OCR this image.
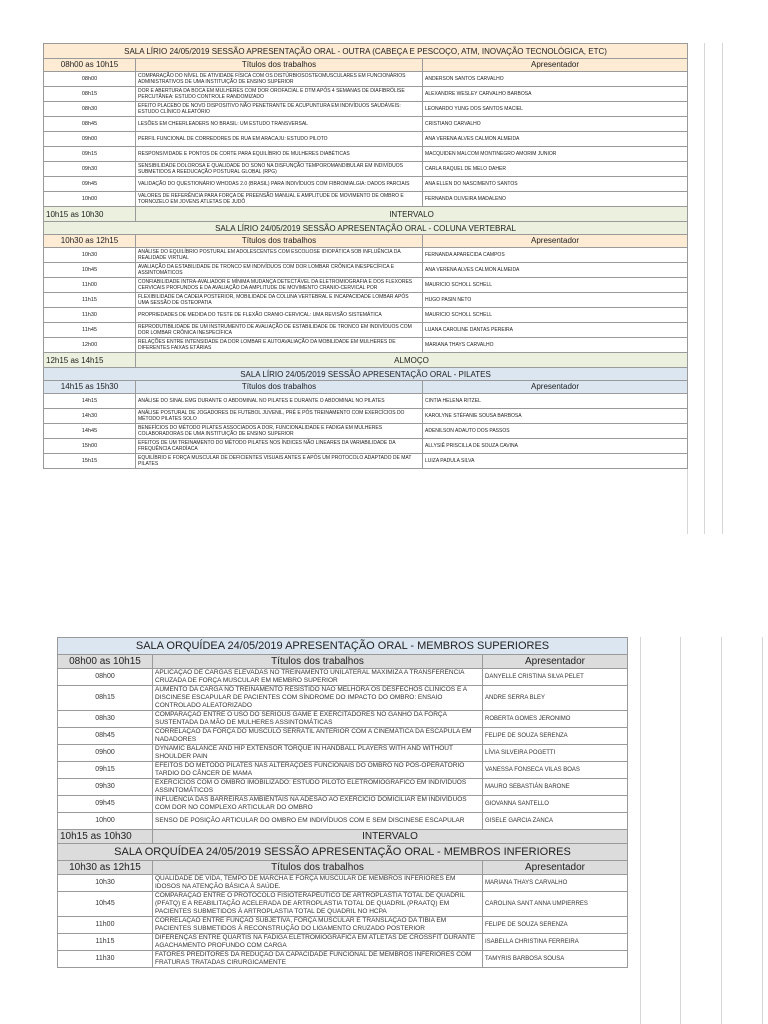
SALA LÍRIO 24/05/2019 SESSÃO APRESENTAÇÃO ORAL - OUTRA (CABEÇA E PESCOÇO, ATM, INOVAÇÃO TECNOLÓGICA, ETC)		
08h00 as 10h15	Títulos dos trabalhos	Apresentador
08h00	COMPARAÇÃO DO NÍVEL DE ATIVIDADE FÍSICA COM OS DISTÚRBIOSOSTEOMUSCULARES EM FUNCIONÁRIOS ADMINISTRATIVOS DE UMA INSTITUIÇÃO DE ENSINO SUPERIOR	ANDERSON SANTOS CARVALHO
08h15	DOR E ABERTURA DA BOCA EM MULHERES COM DOR OROFACIAL E DTM APÓS 4 SEMANAS DE DIAFIBRÓLISE PERCUTÂNEA: ESTUDO CONTROLE RANDOMIZADO	ALEXANDRE WESLEY CARVALHO BARBOSA
08h30	EFEITO PLACEBO DE NOVO DISPOSITIVO NÃO PENETRANTE DE ACUPUNTURA EM INDIVÍDUOS SAUDÁVEIS: ESTUDO CLÍNICO ALEATÓRIO	LEONARDO YUNG DOS SANTOS MACIEL
08h45	LESÕES EM CHEERLEADERS NO BRASIL: UM ESTUDO TRANSVERSAL	CRISTIANO CARVALHO
09h00	PERFIL FUNCIONAL DE CORREDORES DE RUA EM ARACAJU: ESTUDO PILOTO	ANA VERENA ALVES CALMON ALMEIDA
09h15	RESPONSIVIDADE E PONTOS DE CORTE PARA EQUILÍBRIO DE MULHERES DIABÉTICAS	MACQUIDEN MALCOM MONTINEGRO AMORIM JUNIOR
09h30	SENSIBILIDADE DOLOROSA E QUALIDADE DO SONO NA DISFUNÇÃO TEMPOROMANDIBULAR EM INDIVÍDUOS SUBMETIDOS A REEDUCAÇÃO POSTURAL GLOBAL (RPG)	CARLA RAQUEL DE MELO DAHER
09h45	VALIDAÇÃO DO QUESTIONÁRIO WHODAS 2.0 (BRASIL) PARA INDIVÍDUOS COM FIBROMIALGIA: DADOS PARCIAIS	ANA ELLEN DO NASCIMENTO SANTOS
10h00	VALORES DE REFERÊNCIA PARA FORÇA DE PREENSÃO MANUAL E AMPLITUDE DE MOVIMENTO DE OMBRO E TORNOZELO EM JOVENS ATLETAS DE JUDÔ	FERNANDA OLIVEIRA MADALENO
10h15 as 10h30	INTERVALO	
SALA LÍRIO 24/05/2019 SESSÃO APRESENTAÇÃO ORAL - COLUNA VERTEBRAL		
10h30 as 12h15	Títulos dos trabalhos	Apresentador
10h30	ANÁLISE DO EQUILÍBRIO POSTURAL EM ADOLESCENTES COM ESCOLIOSE IDIOPÁTICA SOB INFLUÊNCIA DA REALIDADE VIRTUAL	FERNANDA APARECIDA CAMPOS
10h45	AVALIAÇÃO DA ESTABILIDADE DE TRONCO EM INDIVÍDUOS COM DOR LOMBAR CRÔNICA INESPECÍFICA E ASSINTOMÁTICOS	ANA VERENA ALVES CALMON ALMEIDA
11h00	CONFIABILIDADE INTRA-AVALIADOR E MÍNIMA MUDANÇA DETECTÁVEL DA ELETROMIOGRAFIA E DOS FLEXORES CERVICAIS PROFUNDOS E DA AVALIAÇÃO DA AMPLITUDE DE MOVIMENTO CRANIO-CERVICAL POR	MAURICIO SCHOLL SCHELL
11h15	FLEXIBILIDADE DA CADEIA POSTERIOR, MOBILIDADE DA COLUNA VERTEBRAL E INCAPACIDADE LOMBAR APÓS UMA SESSÃO DE OSTEOPATIA	HUGO PASIN NETO
11h30	PROPRIEDADES DE MEDIDA DO TESTE DE FLEXÃO CRANIO-CERVICAL: UMA REVISÃO SISTEMÁTICA	MAURICIO SCHOLL SCHELL
11h45	REPRODUTIBILIDADE DE UM INSTRUMENTO DE AVALIAÇÃO DE ESTABILIDADE DE TRONCO EM INDIVÍDUOS COM DOR LOMBAR CRÔNICA INESPECÍFICA	LUANA CAROLINE DANTAS PEREIRA
12h00	RELAÇÕES ENTRE INTENSIDADE DA DOR LOMBAR E AUTOAVALIAÇÃO DA MOBILIDADE EM MULHERES DE DIFERENTES FAIXAS ETÁRIAS	MARIANA THAYS CARVALHO
12h15 as 14h15	ALMOÇO	
SALA LÍRIO 24/05/2019 SESSÃO APRESENTAÇÃO ORAL - PILATES		
14h15 as 15h30	Títulos dos trabalhos	Apresentador
14h15	ANÁLISE DO SINAL EMG DURANTE O ABDOMINAL NO PILATES E DURANTE O ABDOMINAL NO PILATES	CINTIA HELENA RITZEL
14h30	ANÁLISE POSTURAL DE JOGADORES DE FUTEBOL JUVENIL, PRÉ E PÓS TREINAMENTO COM EXERCÍCIOS DO MÉTODO PILATES SOLO	KAROLYNE STÉFANIE SOUSA BARBOSA
14h45	BENEFÍCIOS DO MÉTODO PILATES ASSOCIADOS A DOR, FUNCIONALIDADE E FADIGA EM MULHERES COLABORADORAS DE UMA INSTITUIÇÃO DE ENSINO SUPERIOR	ADENILSON ADAUTO DOS PASSOS
15h00	EFEITOS DE UM TREINAMENTO DO MÉTODO PILATES NOS ÍNDICES NÃO LINEARES DA VARIABILIDADE DA FREQUÊNCIA CARDÍACA	ALLYSIÊ PRISCILLA DE SOUZA CAVINA
15h15	EQUILÍBRIO E FORÇA MUSCULAR DE DEFICIENTES VISUAIS ANTES E APÓS UM PROTOCOLO ADAPTADO DE MAT PILATES	LUIZA PADULA SILVA
SALA ORQUÍDEA 24/05/2019 APRESENTAÇÃO ORAL - MEMBROS SUPERIORES		
08h00 as 10h15	Títulos dos trabalhos	Apresentador
08h00	APLICAÇÃO DE CARGAS ELEVADAS NO TREINAMENTO UNILATERAL MAXIMIZA A TRANSFERÊNCIA CRUZADA DE FORÇA MUSCULAR EM MEMBRO SUPERIOR	DANYELLE CRISTINA SILVA PELET
08h15	AUMENTO DA CARGA NO TREINAMENTO RESISTIDO NÃO MELHORA OS DESFECHOS CLÍNICOS E A DISCINESE ESCAPULAR DE PACIENTES COM SÍNDROME DO IMPACTO DO OMBRO: ENSAIO CONTROLADO ALEATORIZADO	ANDRE SERRA BLEY
08h30	COMPARAÇÃO ENTRE O USO DO SERIOUS GAME E EXERCITADORES NO GANHO DA FORÇA SUSTENTADA DA MÃO DE MULHERES ASSINTOMÁTICAS	ROBERTA GOMES JERONIMO
08h45	CORRELAÇÃO DA FORÇA DO MÚSCULO SERRÁTIL ANTERIOR COM A CINEMÁTICA DA ESCÁPULA EM NADADORES	FELIPE DE SOUZA SERENZA
09h00	DYNAMIC BALANCE AND HIP EXTENSOR TORQUE IN HANDBALL PLAYERS WITH AND WITHOUT SHOULDER PAIN	LÍVIA SILVEIRA POGETTI
09h15	EFEITOS DO MÉTODO PILATES NAS ALTERAÇÕES FUNCIONAIS DO OMBRO NO PÓS-OPERATÓRIO TARDIO DO CÂNCER DE MAMA	VANESSA FONSECA VILAS BOAS
09h30	EXERCÍCIOS COM O OMBRO IMOBILIZADO: ESTUDO PILOTO ELETROMIOGRÁFICO EM INDIVÍDUOS ASSINTOMÁTICOS	MAURO SEBASTIÁN BARONE
09h45	INFLUÊNCIA DAS BARREIRAS AMBIENTAIS NA ADESÃO AO EXERCÍCIO DOMICILIAR EM INDIVÍDUOS COM DOR NO COMPLEXO ARTICULAR DO OMBRO	GIOVANNA SANTELLO
10h00	SENSO DE POSIÇÃO ARTICULAR DO OMBRO EM INDIVÍDUOS COM E SEM DISCINESE ESCAPULAR	GISELE GARCIA ZANCA
10h15 as 10h30	INTERVALO	
SALA ORQUÍDEA 24/05/2019 SESSÃO APRESENTAÇÃO ORAL - MEMBROS INFERIORES		
10h30 as 12h15	Títulos dos trabalhos	Apresentador
10h30	QUALIDADE DE VIDA, TEMPO DE MARCHA E FORÇA MUSCULAR DE MEMBROS INFERIORES EM IDOSOS NA ATENÇÃO BÁSICA À SAÚDE.	MARIANA THAYS CARVALHO
10h45	COMPARAÇÃO ENTRE O PROTOCOLO FISIOTERAPÊUTICO DE ARTROPLASTIA TOTAL DE QUADRIL (PFATQ) E A REABILITAÇÃO ACELERADA DE ARTROPLASTIA TOTAL DE QUADRIL (PRAATQ) EM PACIENTES SUBMETIDOS À ARTROPLASTIA TOTAL DE QUADRIL NO HCPA	CAROLINA SANT ANNA UMPIERRES
11h00	CORRELAÇÃO ENTRE FUNÇÃO SUBJETIVA, FORÇA MUSCULAR E TRANSLAÇÃO DA TÍBIA EM PACIENTES SUBMETIDOS À RECONSTRUÇÃO DO LIGAMENTO CRUZADO POSTERIOR	FELIPE DE SOUZA SERENZA
11h15	DIFERENÇAS ENTRE QUARTIS NA FADIGA ELETROMIOGRÁFICA EM ATLETAS DE CROSSFIT DURANTE AGACHAMENTO PROFUNDO COM CARGA	ISABELLA CHRISTINA FERREIRA
11h30	FATORES PREDITORES DA REDUÇÃO DA CAPACIDADE FUNCIONAL DE MEMBROS INFERIORES COM FRATURAS TRATADAS CIRURGICAMENTE	TAMYRIS BARBOSA SOUSA
